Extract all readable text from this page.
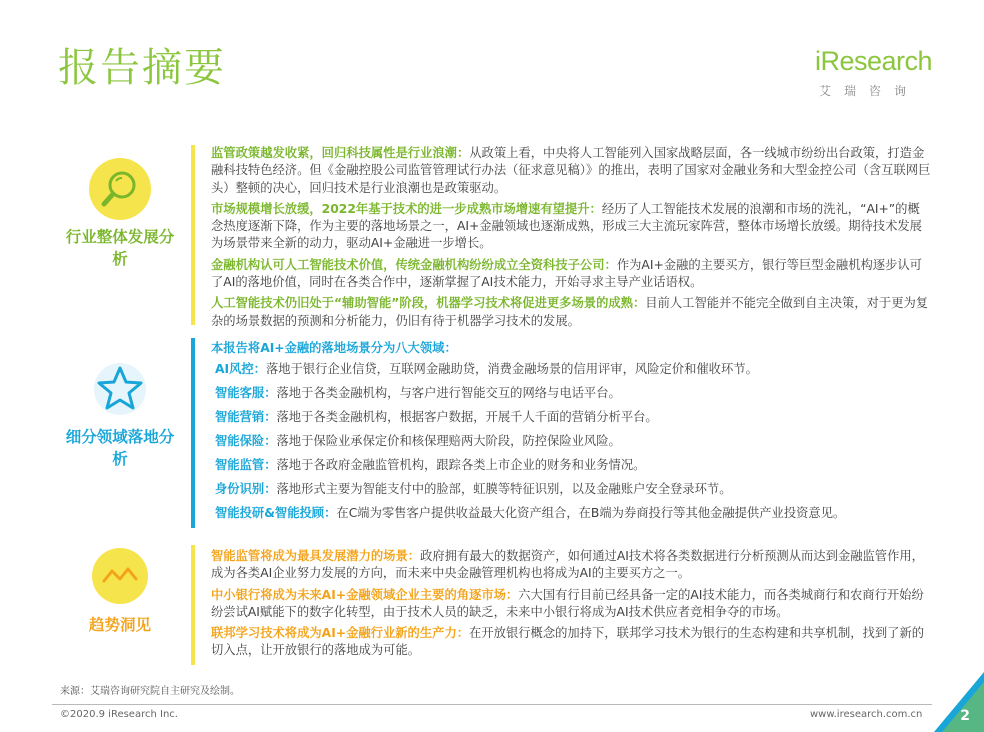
报告摘要	iResearch
艾瑞咨询
行业整体发展分析

监管政策越发收紧，回归科技属性是行业浪潮：从政策上看，中央将人工智能列入国家战略层面，各一线城市纷纷出台政策，打造金融科技特色经济。但《金融控股公司监管管理试行办法（征求意见稿）》的推出，表明了国家对金融业务和大型金控公司（含互联网巨头）整顿的决心，回归技术是行业浪潮也是政策驱动。

市场规模增长放缓，2022年基于技术的进一步成熟市场增速有望提升：经历了人工智能技术发展的浪潮和市场的洗礼，“AI+”的概念热度逐渐下降，作为主要的落地场景之一，AI+金融领域也逐渐成熟，形成三大主流玩家阵营，整体市场增长放缓。期待技术发展为场景带来全新的动力，驱动AI+金融进一步增长。

金融机构认可人工智能技术价值，传统金融机构纷纷成立全资科技子公司：作为AI+金融的主要买方，银行等巨型金融机构逐步认可了AI的落地价值，同时在各类合作中，逐渐掌握了AI技术能力，开始寻求主导产业话语权。

人工智能技术仍旧处于“辅助智能”阶段，机器学习技术将促进更多场景的成熟：目前人工智能并不能完全做到自主决策，对于更为复杂的场景数据的预测和分析能力，仍旧有待于机器学习技术的发展。

细分领域落地分析

本报告将AI+金融的落地场景分为八大领域：

AI风控：落地于银行企业信贷，互联网金融助贷，消费金融场景的信用评审，风险定价和催收环节。

智能客服：落地于各类金融机构，与客户进行智能交互的网络与电话平台。

智能营销：落地于各类金融机构，根据客户数据，开展千人千面的营销分析平台。

智能保险：落地于保险业承保定价和核保理赔两大阶段，防控保险业风险。

智能监管：落地于各政府金融监管机构，跟踪各类上市企业的财务和业务情况。

身份识别：落地形式主要为智能支付中的脸部，虹膜等特征识别，以及金融账户安全登录环节。

智能投研&智能投顾：在C端为零售客户提供收益最大化资产组合，在B端为券商投行等其他金融提供产业投资意见。

趋势洞见

智能监管将成为最具发展潜力的场景：政府拥有最大的数据资产，如何通过AI技术将各类数据进行分析预测从而达到金融监管作用，成为各类AI企业努力发展的方向，而未来中央金融管理机构也将成为AI的主要买方之一。

中小银行将成为未来AI+金融领域企业主要的角逐市场：六大国有行目前已经具备一定的AI技术能力，而各类城商行和农商行开始纷纷尝试AI赋能下的数字化转型，由于技术人员的缺乏，未来中小银行将成为AI技术供应者竞相争夺的市场。

联邦学习技术将成为AI+金融行业新的生产力：在开放银行概念的加持下，联邦学习技术为银行的生态构建和共享机制，找到了新的切入点，让开放银行的落地成为可能。

来源：艾瑞咨询研究院自主研究及绘制。
©2020.9 iResearch Inc.	www.iresearch.com.cn	2
